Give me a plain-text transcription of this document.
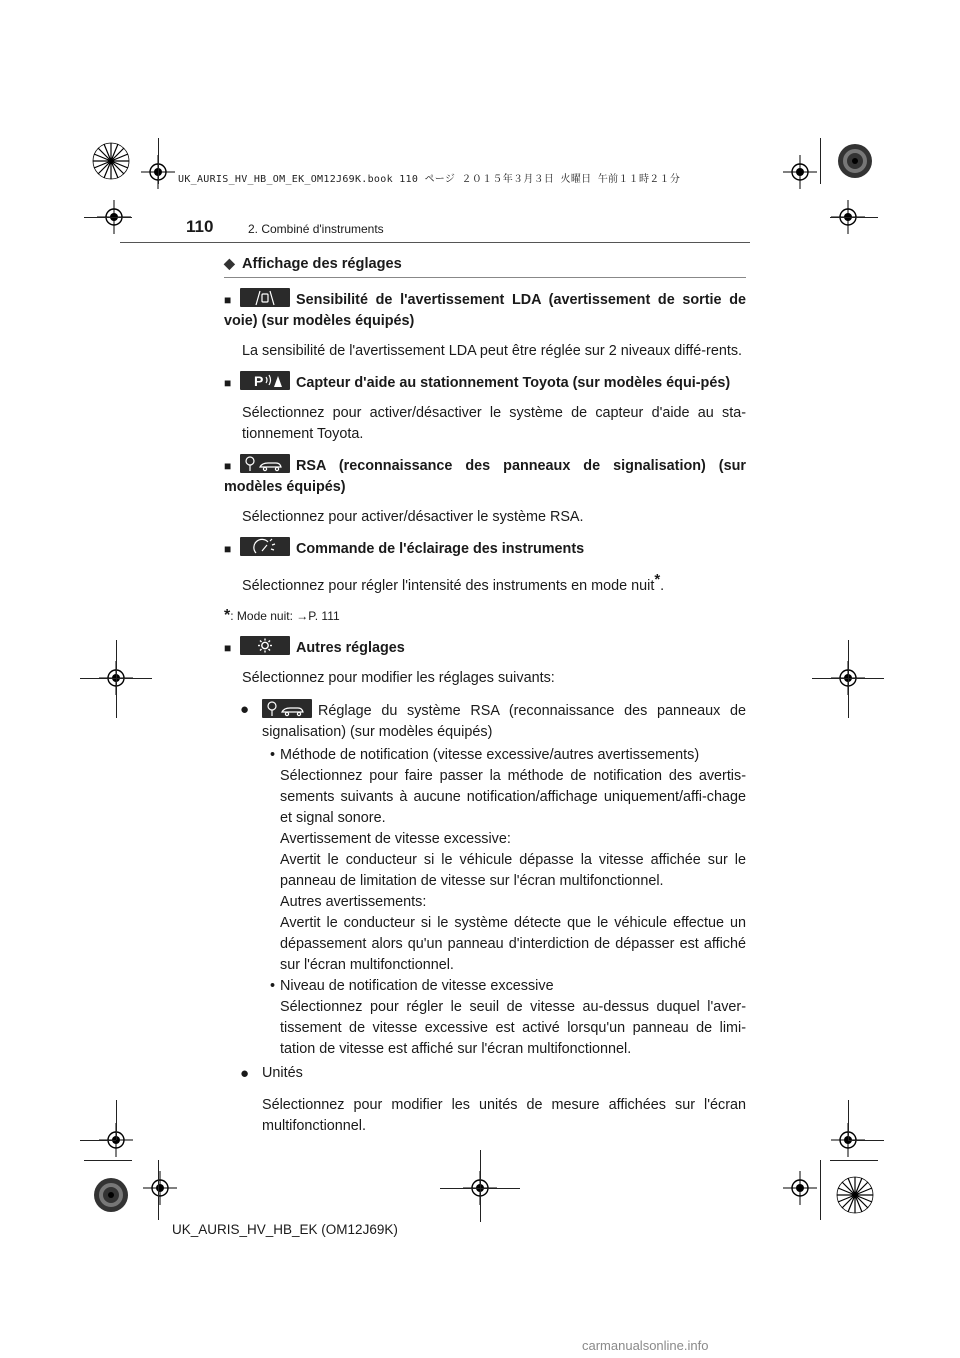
UK_AURIS_HV_HB_OM_EK_OM12J69K.book 110 ページ ２０１５年３月３日 火曜日 午前１１時２１分
110	2. Combiné d'instruments
◆ Affichage des réglages
■	Sensibilité de l'avertissement LDA (avertissement de sortie de voie) (sur modèles équipés)
La sensibilité de l'avertissement LDA peut être réglée sur 2 niveaux diffé-rents.
■ P Capteur d'aide au stationnement Toyota (sur modèles équi-pés)
Sélectionnez pour activer/désactiver le système de capteur d'aide au sta-tionnement Toyota.
■	RSA (reconnaissance des panneaux de signalisation) (sur modèles équipés)
Sélectionnez pour activer/désactiver le système RSA.
■	Commande de l'éclairage des instruments
Sélectionnez pour régler l'intensité des instruments en mode nuit*.
*: Mode nuit: →P. 111
■	Autres réglages
Sélectionnez pour modifier les réglages suivants:
●	Réglage du système RSA (reconnaissance des panneaux de signalisation) (sur modèles équipés)
• Méthode de notification (vitesse excessive/autres avertissements)
Sélectionnez pour faire passer la méthode de notification des avertis-sements suivants à aucune notification/affichage uniquement/affi-chage et signal sonore.
Avertissement de vitesse excessive:
Avertit le conducteur si le véhicule dépasse la vitesse affichée sur le panneau de limitation de vitesse sur l'écran multifonctionnel.
Autres avertissements:
Avertit le conducteur si le système détecte que le véhicule effectue un dépassement alors qu'un panneau d'interdiction de dépasser est affiché sur l'écran multifonctionnel.
• Niveau de notification de vitesse excessive
Sélectionnez pour régler le seuil de vitesse au-dessus duquel l'aver-tissement de vitesse excessive est activé lorsqu'un panneau de limi-tation de vitesse est affiché sur l'écran multifonctionnel.
● Unités
Sélectionnez pour modifier les unités de mesure affichées sur l'écran multifonctionnel.
UK_AURIS_HV_HB_EK (OM12J69K)
carmanualsonline.info
